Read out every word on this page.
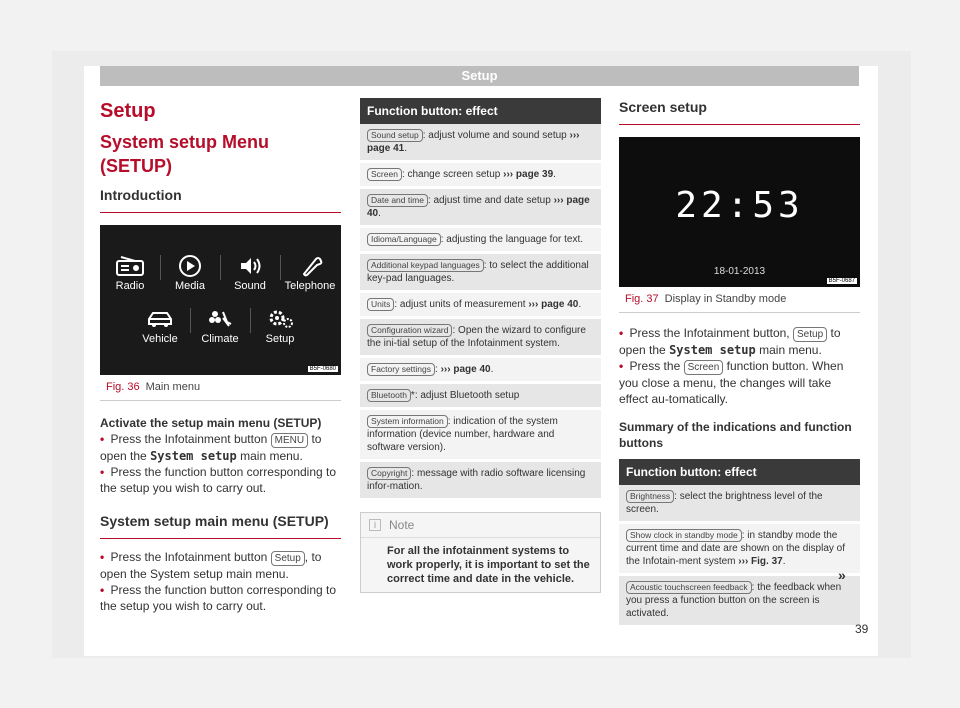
Setup
Setup
System setup Menu (SETUP)
Introduction
Radio	Media	Sound	Telephone
Vehicle	Climate	Setup
B5F-0680
Fig. 36 Main menu

Activate the setup main menu (SETUP)

• Press the Infotainment button MENU to open the System setup main menu.

• Press the function button corresponding to the setup you wish to carry out.

System setup main menu (SETUP)

• Press the Infotainment button Setup , to open the System setup main menu.

• Press the function button corresponding to the setup you wish to carry out.

Function button: effect
Sound setup : adjust volume and sound setup ››› page 41.
Screen : change screen setup ››› page 39.
Date and time : adjust time and date setup ››› page 40.
Idioma/Language : adjusting the language for text.
Additional keypad languages : to select the additional key-pad languages.
Units : adjust units of measurement ››› page 40.
Configuration wizard : Open the wizard to configure the ini-tial setup of the Infotainment system.
Factory settings : ››› page 40.
Bluetooth *: adjust Bluetooth setup
System information : indication of the system information (device number, hardware and software version).
Copyright : message with radio software licensing infor-mation.
i	Note
For all the infotainment systems to work properly, it is important to set the correct time and date in the vehicle.
Screen setup
22:53
18-01-2013
B5F-0687
Fig. 37 Display in Standby mode

• Press the Infotainment button, Setup to open the System setup main menu.

• Press the Screen function button. When you close a menu, the changes will take effect au-tomatically.

Summary of the indications and function buttons

Function button: effect
Brightness : select the brightness level of the screen.
Show clock in standby mode : in standby mode the current time and date are shown on the display of the Infotain-ment system ››› Fig. 37.
Acoustic touchscreen feedback : the feedback when you press a function button on the screen is activated.
»
39
